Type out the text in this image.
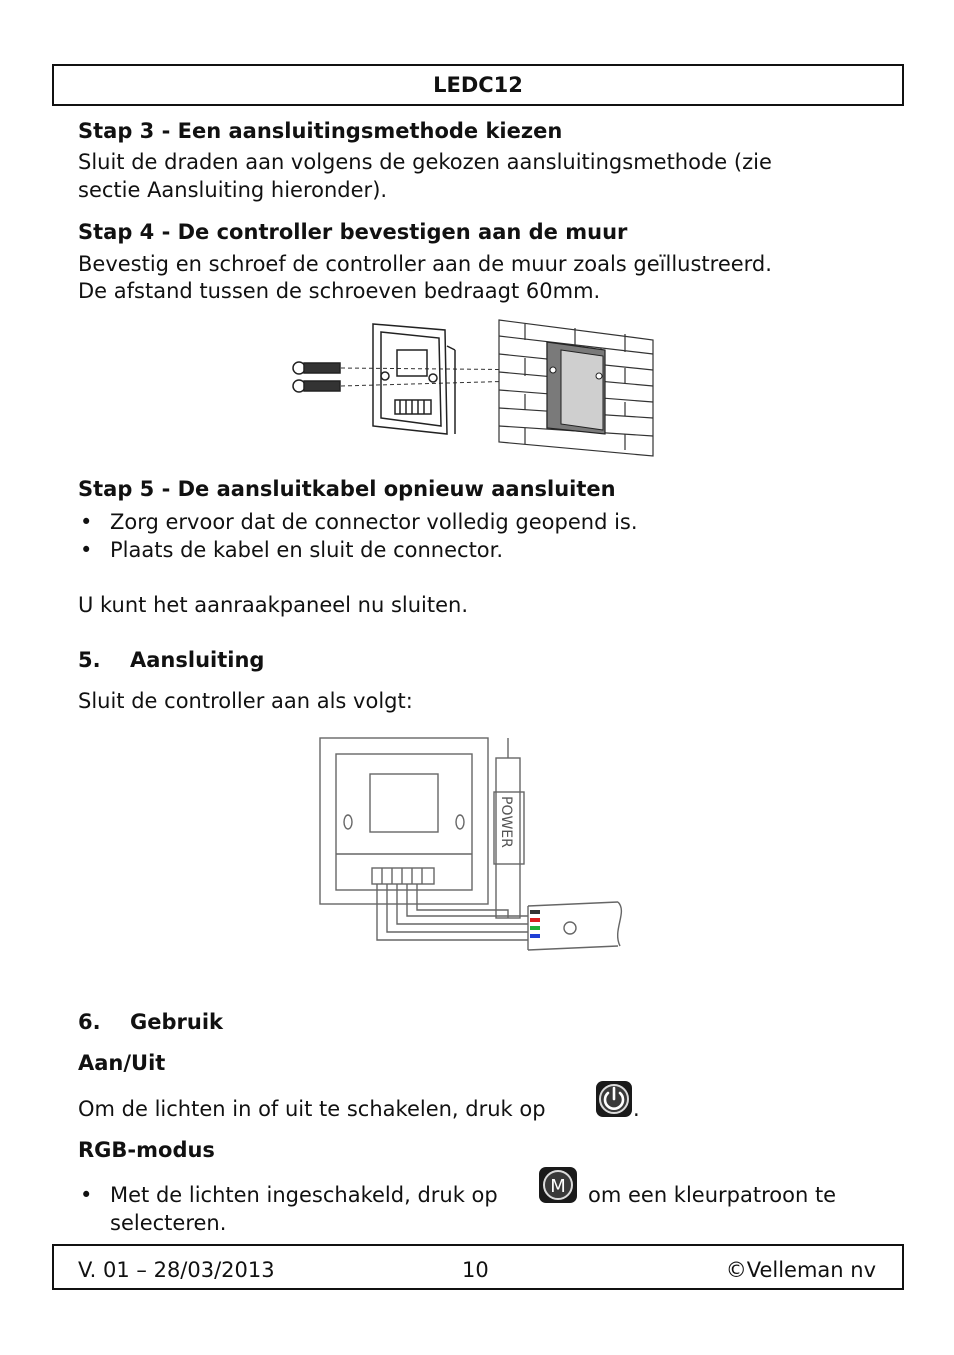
LEDC12
Stap 3 - Een aansluitingsmethode kiezen
Sluit de draden aan volgens de gekozen aansluitingsmethode (zie
sectie Aansluiting hieronder).
Stap 4 - De controller bevestigen aan de muur
Bevestig en schroef de controller aan de muur zoals geïllustreerd.
De afstand tussen de schroeven bedraagt 60mm.
Stap 5 - De aansluitkabel opnieuw aansluiten
• Zorg ervoor dat de connector volledig geopend is.
• Plaats de kabel en sluit de connector.
U kunt het aanraakpaneel nu sluiten.
5. Aansluiting
Sluit de controller aan als volgt:
POWER
6. Gebruik
Aan/Uit
Om de lichten in of uit te schakelen, druk op	.
RGB-modus
• Met de lichten ingeschakeld, druk op	M om een kleurpatroon te
selecteren.
V. 01 – 28/03/2013	10	©Velleman nv
